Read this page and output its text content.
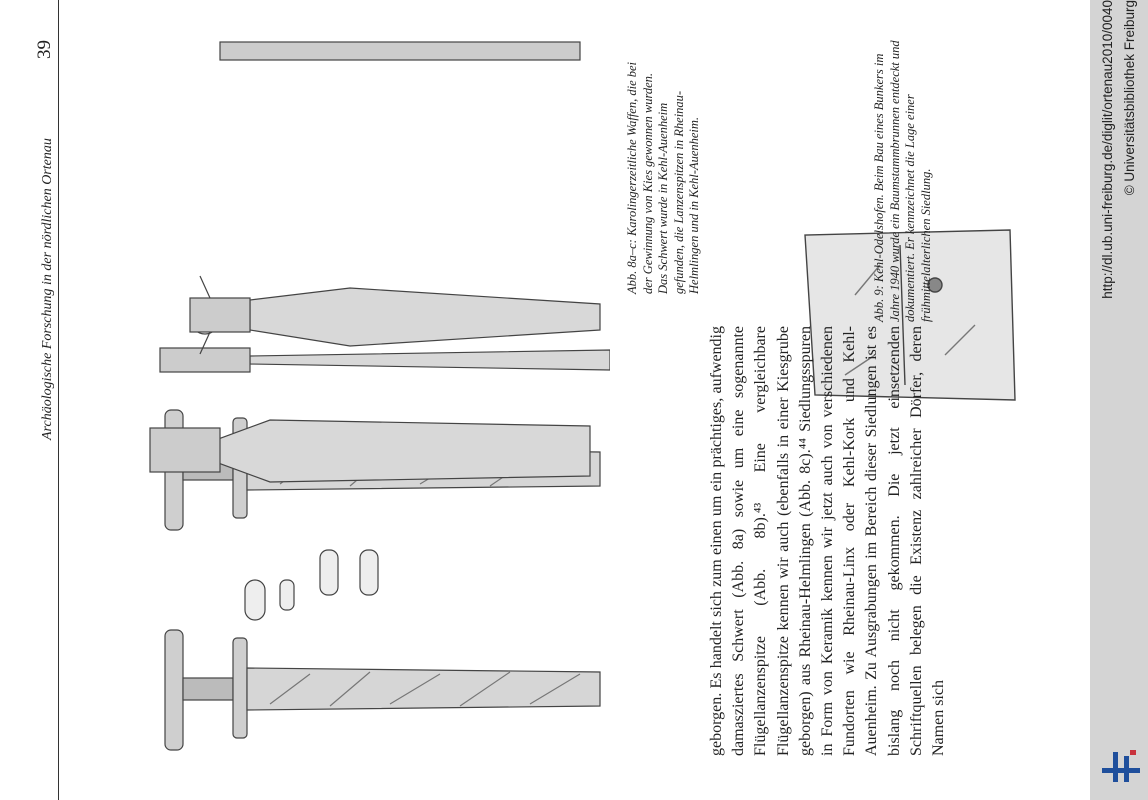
Archäologische Forschung in der nördlichen Ortenau
39

geborgen. Es handelt sich zum einen um ein prächtiges, aufwendig damasziertes Schwert (Abb. 8a) sowie um eine sogenannte Flügellanzenspitze (Abb. 8b).⁴³ Eine vergleichbare Flügellanzenspitze kennen wir auch (ebenfalls in einer Kiesgrube geborgen) aus Rheinau-Helmlingen (Abb. 8c).⁴⁴ Siedlungsspuren in Form von Keramik kennen wir jetzt auch von verschiedenen Fundorten wie Rheinau-Linx oder Kehl-Kork und Kehl-Auenheim. Zu Ausgrabungen im Bereich dieser Siedlungen ist es bislang noch nicht gekommen. Die jetzt einsetzenden Schriftquellen belegen die Existenz zahlreicher Dörfer, deren Namen sich

Abb. 8a–c: Karolingerzeitliche Waffen, die bei der Gewinnung von Kies gewonnen wurden. Das Schwert wurde in Kehl-Auenheim gefunden, die Lanzenspitzen in Rheinau-Helmlingen und in Kehl-Auenheim.	Abb. 9: Kehl-Odelshofen. Beim Bau eines Bunkers im Jahre 1940 wurde ein Baumstammbrunnen entdeckt und dokumentiert. Er kennzeichnet die Lage einer frühmittelalterlichen Siedlung.	http://dl.ub.uni-freiburg.de/diglit/ortenau2010/0040 © Universitätsbibliothek Freiburg
